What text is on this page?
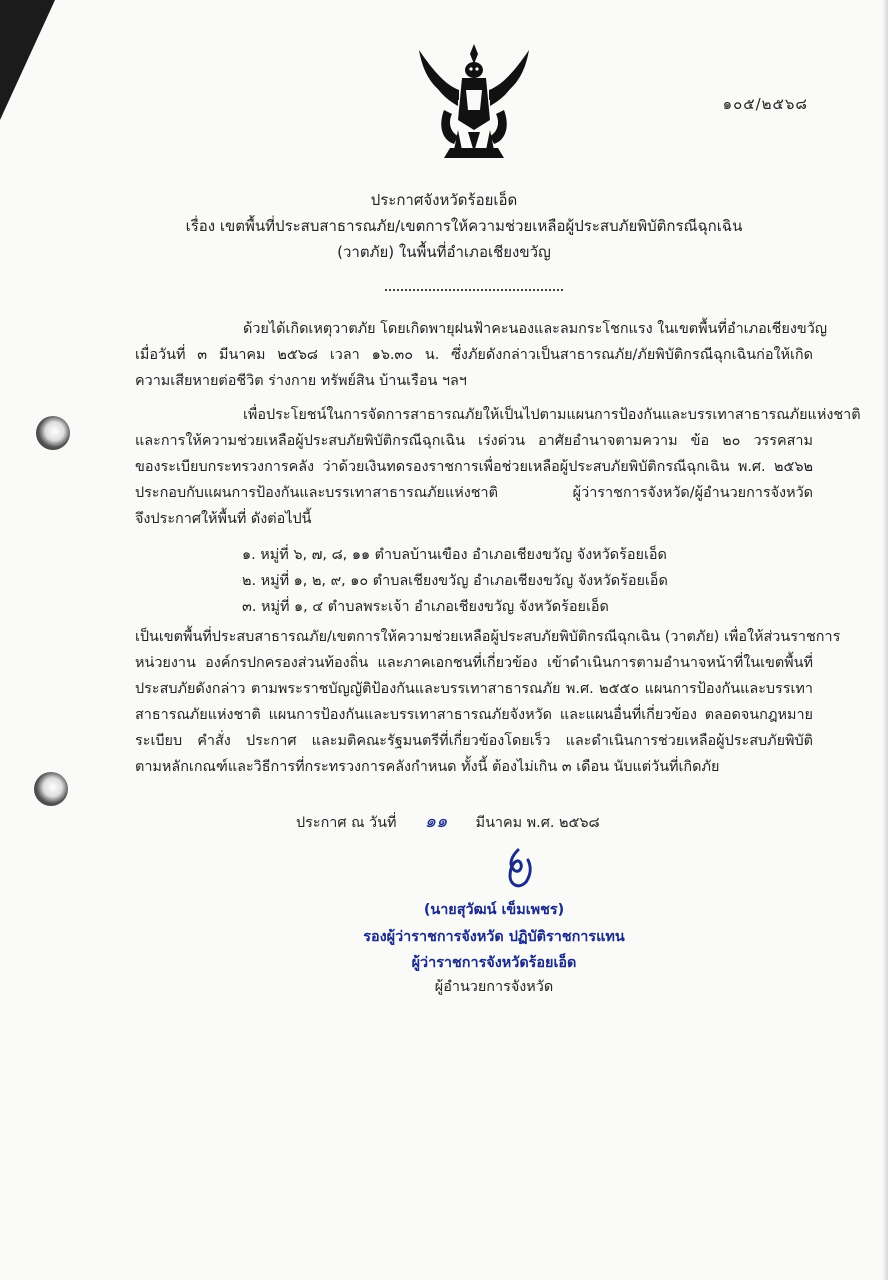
๑๐๕/๒๕๖๘
ประกาศจังหวัดร้อยเอ็ด
เรื่อง เขตพื้นที่ประสบสาธารณภัย/เขตการให้ความช่วยเหลือผู้ประสบภัยพิบัติกรณีฉุกเฉิน
(วาตภัย) ในพื้นที่อำเภอเชียงขวัญ
ด้วยได้เกิดเหตุวาตภัย โดยเกิดพายุฝนฟ้าคะนองและลมกระโชกแรง ในเขตพื้นที่อำเภอเชียงขวัญ
เมื่อวันที่ ๓ มีนาคม ๒๕๖๘ เวลา ๑๖.๓๐ น. ซึ่งภัยดังกล่าวเป็นสาธารณภัย/ภัยพิบัติกรณีฉุกเฉินก่อให้เกิด
ความเสียหายต่อชีวิต ร่างกาย ทรัพย์สิน บ้านเรือน ฯลฯ
เพื่อประโยชน์ในการจัดการสาธารณภัยให้เป็นไปตามแผนการป้องกันและบรรเทาสาธารณภัยแห่งชาติ
และการให้ความช่วยเหลือผู้ประสบภัยพิบัติกรณีฉุกเฉิน เร่งด่วน อาศัยอำนาจตามความ ข้อ ๒๐ วรรคสาม
ของระเบียบกระทรวงการคลัง ว่าด้วยเงินทดรองราชการเพื่อช่วยเหลือผู้ประสบภัยพิบัติกรณีฉุกเฉิน พ.ศ. ๒๕๖๒
ประกอบกับแผนการป้องกันและบรรเทาสาธารณภัยแห่งชาติ ผู้ว่าราชการจังหวัด/ผู้อำนวยการจังหวัด
จึงประกาศให้พื้นที่ ดังต่อไปนี้
๑. หมู่ที่ ๖, ๗, ๘, ๑๑ ตำบลบ้านเขือง อำเภอเชียงขวัญ จังหวัดร้อยเอ็ด
๒. หมู่ที่ ๑, ๒, ๙, ๑๐ ตำบลเชียงขวัญ อำเภอเชียงขวัญ จังหวัดร้อยเอ็ด
๓. หมู่ที่ ๑, ๔ ตำบลพระเจ้า อำเภอเชียงขวัญ จังหวัดร้อยเอ็ด
เป็นเขตพื้นที่ประสบสาธารณภัย/เขตการให้ความช่วยเหลือผู้ประสบภัยพิบัติกรณีฉุกเฉิน (วาตภัย) เพื่อให้ส่วนราชการ
หน่วยงาน องค์กรปกครองส่วนท้องถิ่น และภาคเอกชนที่เกี่ยวข้อง เข้าดำเนินการตามอำนาจหน้าที่ในเขตพื้นที่
ประสบภัยดังกล่าว ตามพระราชบัญญัติป้องกันและบรรเทาสาธารณภัย พ.ศ. ๒๕๕๐ แผนการป้องกันและบรรเทา
สาธารณภัยแห่งชาติ แผนการป้องกันและบรรเทาสาธารณภัยจังหวัด และแผนอื่นที่เกี่ยวข้อง ตลอดจนกฎหมาย
ระเบียบ คำสั่ง ประกาศ และมติคณะรัฐมนตรีที่เกี่ยวข้องโดยเร็ว และดำเนินการช่วยเหลือผู้ประสบภัยพิบัติ
ตามหลักเกณฑ์และวิธีการที่กระทรวงการคลังกำหนด ทั้งนี้ ต้องไม่เกิน ๓ เดือน นับแต่วันที่เกิดภัย
ประกาศ ณ วันที่ ๑๑ มีนาคม พ.ศ. ๒๕๖๘
(นายสุวัฒน์ เข็มเพชร)
รองผู้ว่าราชการจังหวัด ปฏิบัติราชการแทน
ผู้ว่าราชการจังหวัดร้อยเอ็ด
ผู้อำนวยการจังหวัด
